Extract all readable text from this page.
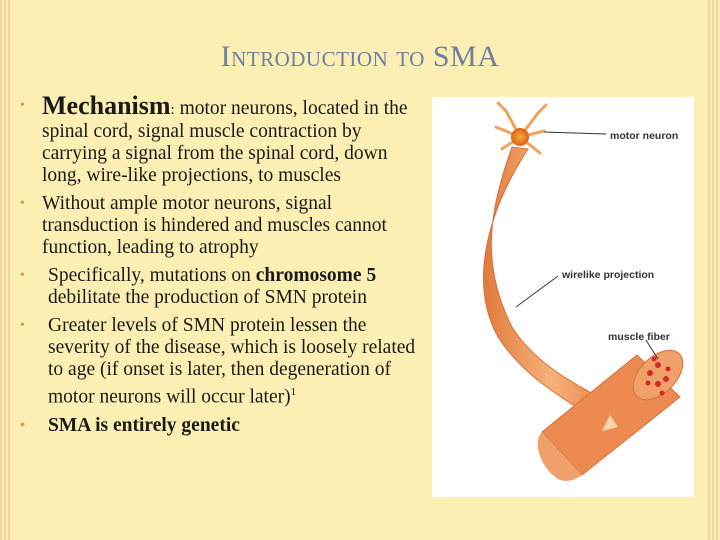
Introduction to SMA
• Mechanism: motor neurons, located in the spinal cord, signal muscle contraction by carrying a signal from the spinal cord, down long, wire-like projections, to muscles
• Without ample motor neurons, signal transduction is hindered and muscles cannot function, leading to atrophy
• Specifically, mutations on chromosome 5 debilitate the production of SMN protein
• Greater levels of SMN protein lessen the severity of the disease, which is loosely related to age (if onset is later, then degeneration of motor neurons will occur later)$^1$
• SMA is entirely genetic
motor neuron
wirelike projection
muscle fiber
